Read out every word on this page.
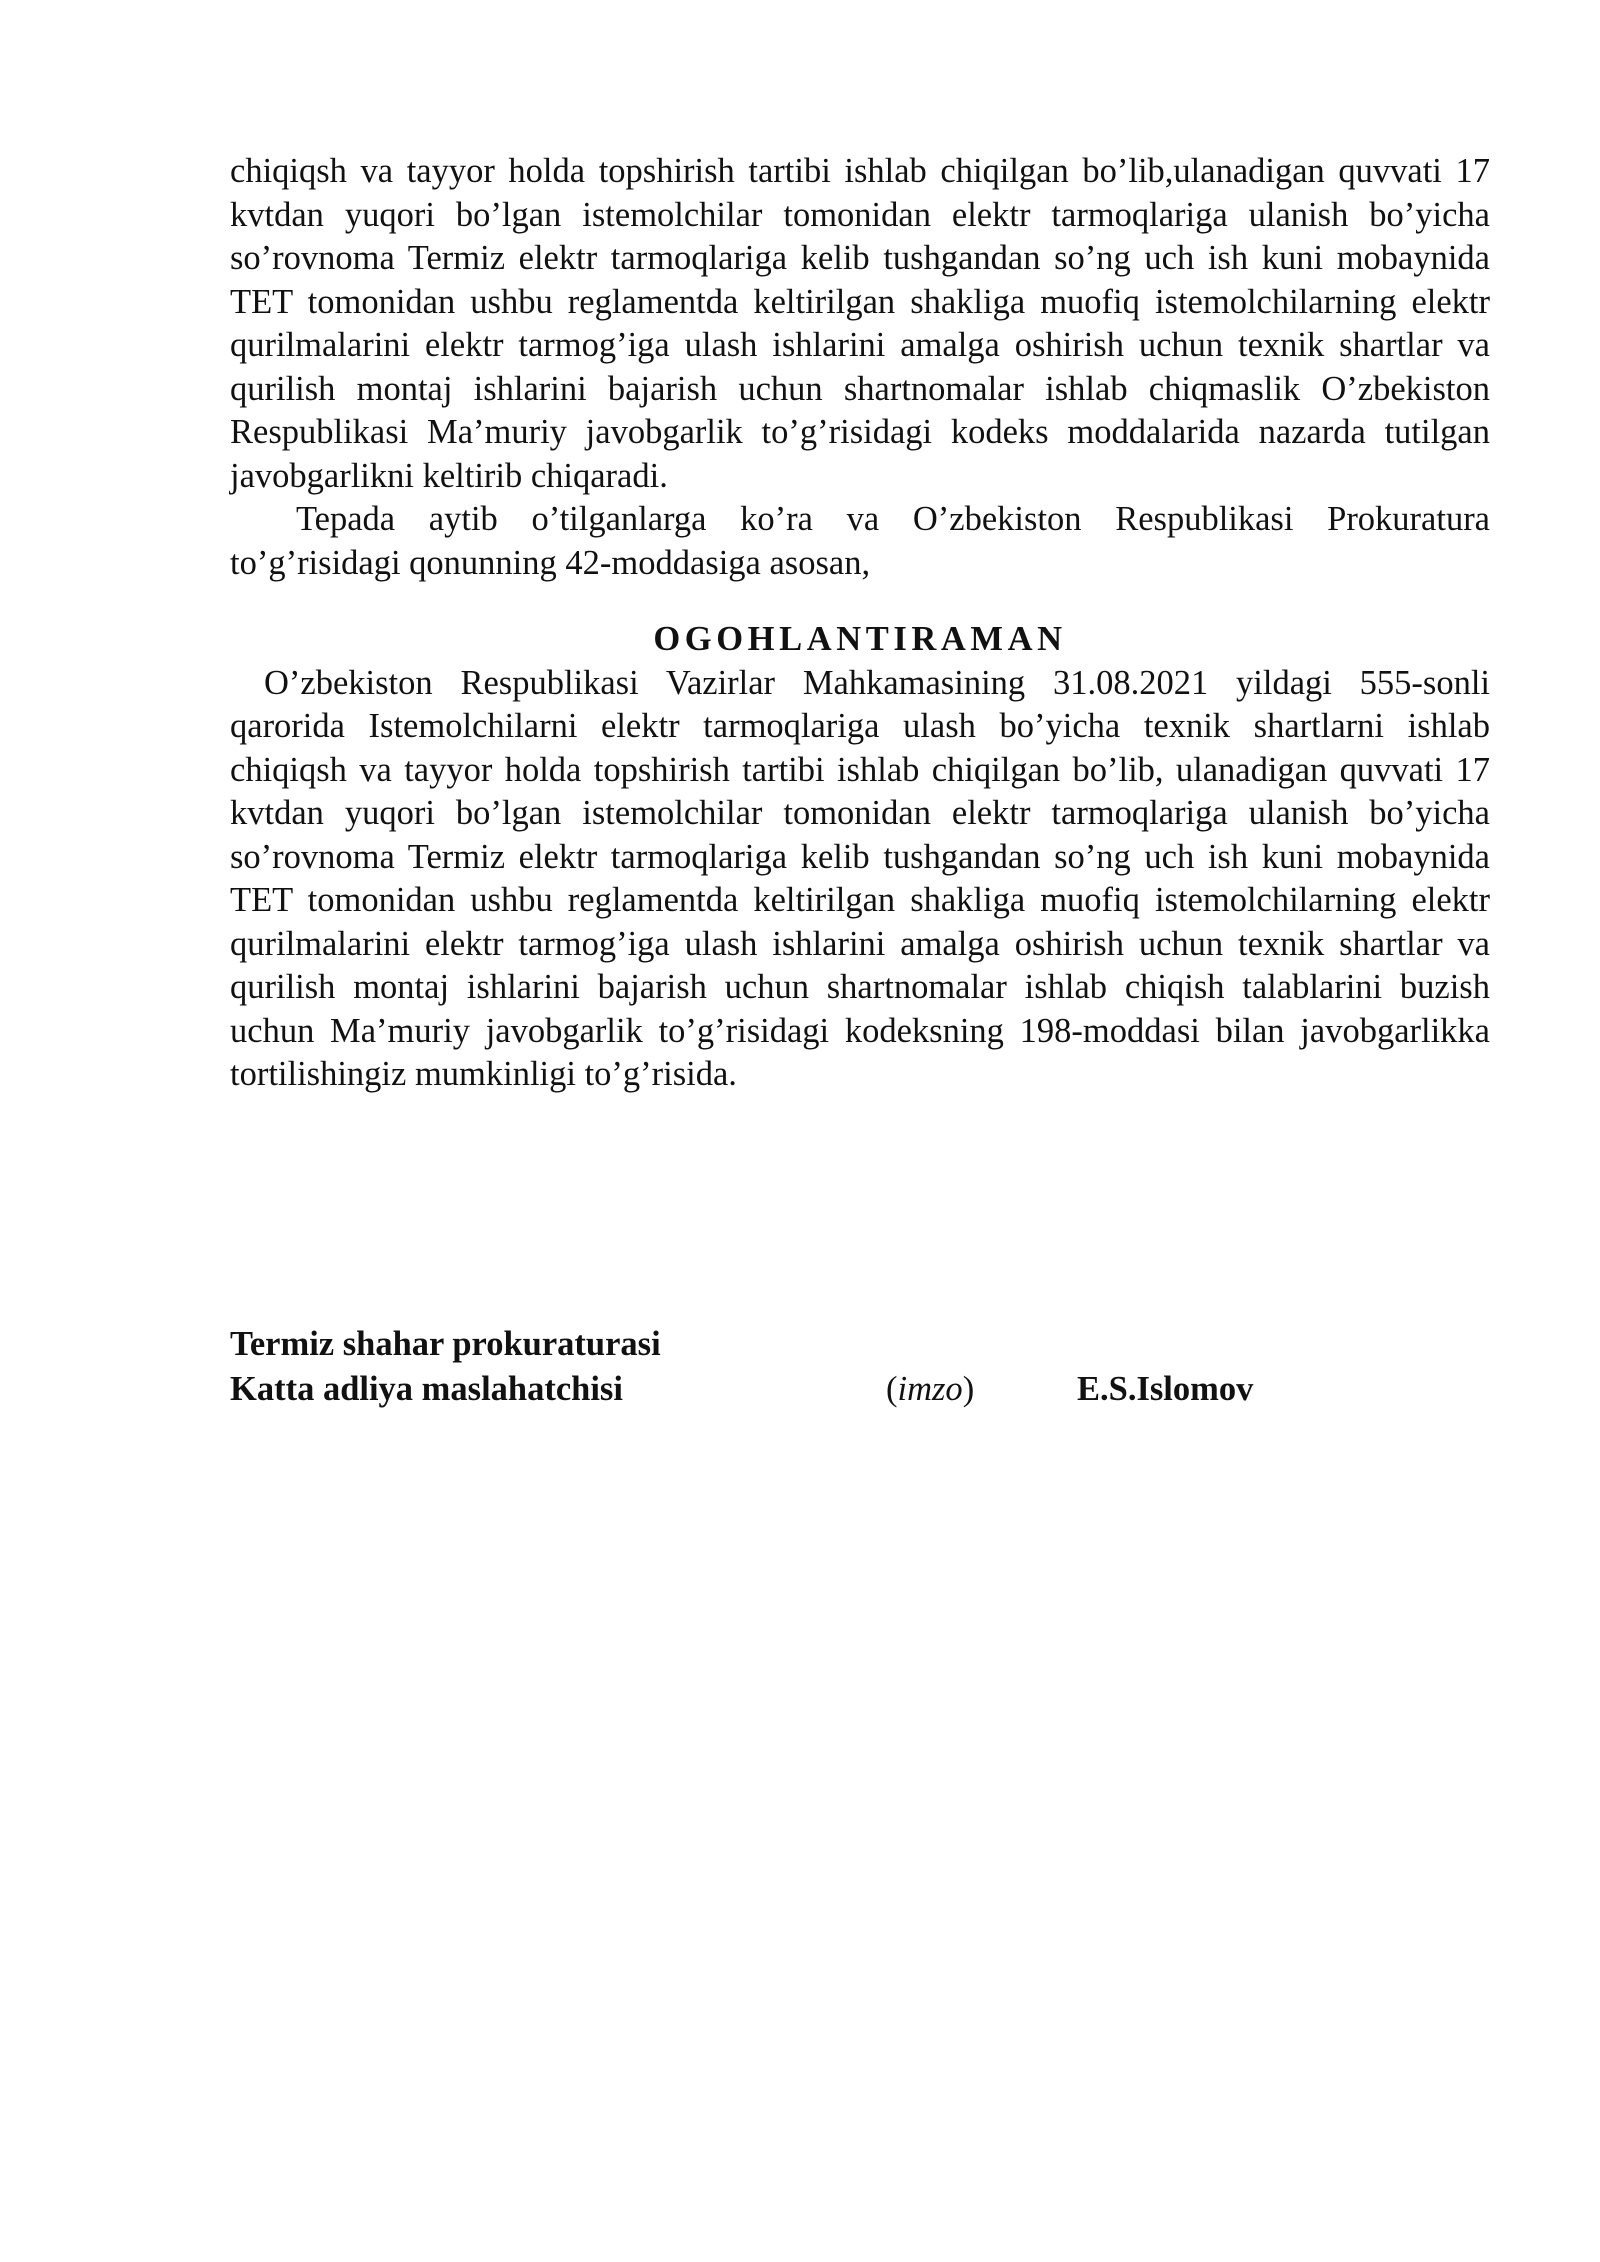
chiqiqsh va tayyor holda topshirish tartibi ishlab chiqilgan bo’lib,ulanadigan quvvati 17 kvtdan yuqori bo’lgan istemolchilar tomonidan elektr tarmoqlariga ulanish bo’yicha so’rovnoma Termiz elektr tarmoqlariga kelib tushgandan so’ng uch ish kuni mobaynida TET tomonidan ushbu reglamentda keltirilgan shakliga muofiq istemolchilarning elektr qurilmalarini elektr tarmog’iga ulash ishlarini amalga oshirish uchun texnik shartlar va qurilish montaj ishlarini bajarish uchun shartnomalar ishlab chiqmaslik O’zbekiston Respublikasi Ma’muriy javobgarlik to’g’risidagi kodeks moddalarida nazarda tutilgan javobgarlikni keltirib chiqaradi.

Tepada aytib o’tilganlarga ko’ra va O’zbekiston Respublikasi Prokuratura to’g’risidagi qonunning 42-moddasiga asosan,

OGOHLANTIRAMAN

O’zbekiston Respublikasi Vazirlar Mahkamasining 31.08.2021 yildagi 555-sonli qarorida Istemolchilarni elektr tarmoqlariga ulash bo’yicha texnik shartlarni ishlab chiqiqsh va tayyor holda topshirish tartibi ishlab chiqilgan bo’lib, ulanadigan quvvati 17 kvtdan yuqori bo’lgan istemolchilar tomonidan elektr tarmoqlariga ulanish bo’yicha so’rovnoma Termiz elektr tarmoqlariga kelib tushgandan so’ng uch ish kuni mobaynida TET tomonidan ushbu reglamentda keltirilgan shakliga muofiq istemolchilarning elektr qurilmalarini elektr tarmog’iga ulash ishlarini amalga oshirish uchun texnik shartlar va qurilish montaj ishlarini bajarish uchun shartnomalar ishlab chiqish talablarini buzish uchun Ma’muriy javobgarlik to’g’risidagi kodeksning 198-moddasi bilan javobgarlikka tortilishingiz mumkinligi to’g’risida.

Termiz shahar prokuraturasi
Katta adliya maslahatchisi	(imzo)	E.S.Islomov
